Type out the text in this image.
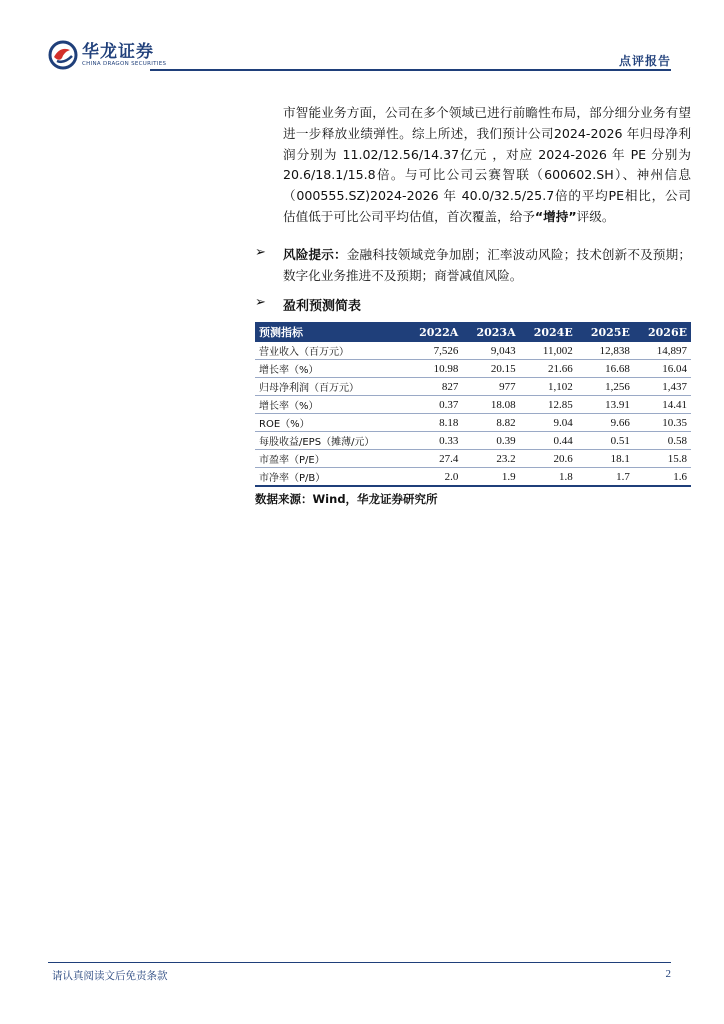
华龙证券
CHINA DRAGON SECURITIES	点评报告
市智能业务方面，公司在多个领域已进行前瞻性布局，部分细分业务有望进一步释放业绩弹性。综上所述，我们预计公司2024-2026 年归母净利润分别为 11.02/12.56/14.37亿元 ，对应 2024-2026 年 PE 分别为20.6/18.1/15.8倍。与可比公司云赛智联（600602.SH）、神州信息（000555.SZ)2024-2026 年 40.0/32.5/25.7倍的平均PE相比，公司估值低于可比公司平均估值，首次覆盖，给予“增持”评级。
➢ 风险提示：金融科技领域竞争加剧；汇率波动风险；技术创新不及预期；数字化业务推进不及预期；商誉减值风险。
➢ 盈利预测简表
预测指标	2022A	2023A	2024E	2025E	2026E
营业收入（百万元）	7,526	9,043	11,002	12,838	14,897
增长率（%）	10.98	20.15	21.66	16.68	16.04
归母净利润（百万元）	827	977	1,102	1,256	1,437
增长率（%）	0.37	18.08	12.85	13.91	14.41
ROE（%）	8.18	8.82	9.04	9.66	10.35
每股收益/EPS（摊薄/元）	0.33	0.39	0.44	0.51	0.58
市盈率（P/E）	27.4	23.2	20.6	18.1	15.8
市净率（P/B）	2.0	1.9	1.8	1.7	1.6
数据来源：Wind，华龙证券研究所
请认真阅读文后免责条款	2
